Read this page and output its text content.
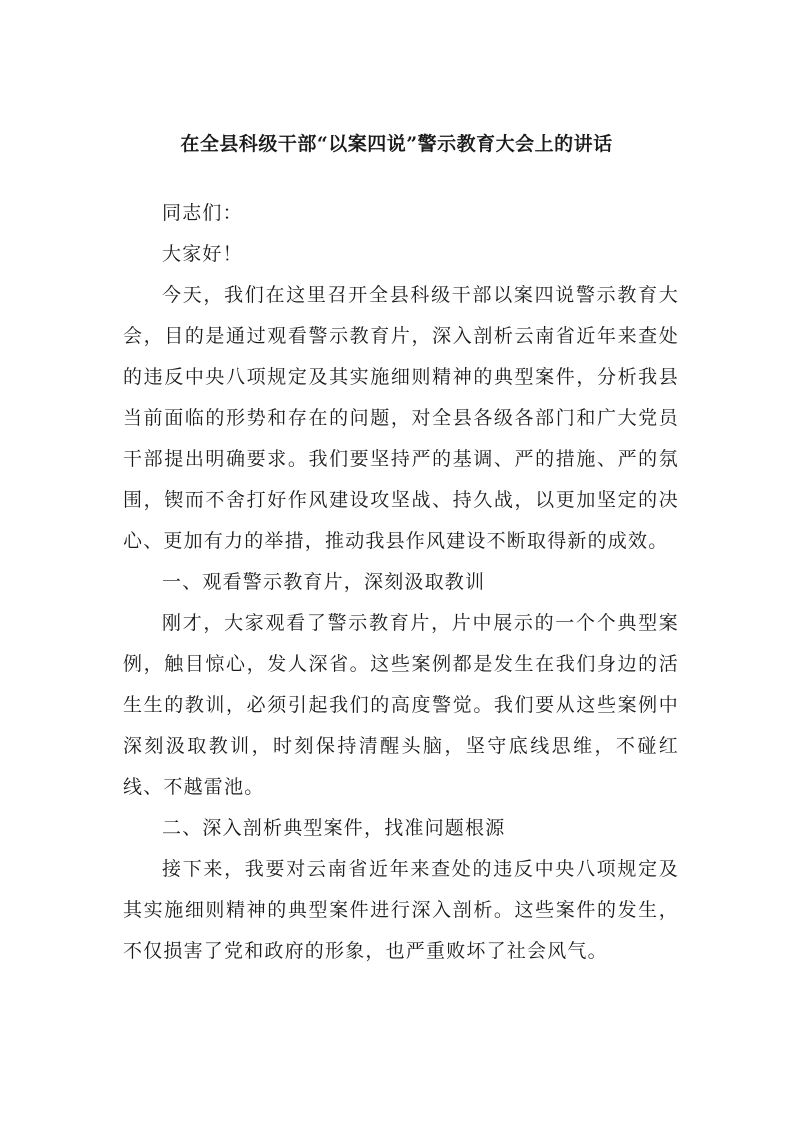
在全县科级干部“以案四说”警示教育大会上的讲话

同志们：

大家好！

今天，我们在这里召开全县科级干部以案四说警示教育大会，目的是通过观看警示教育片，深入剖析云南省近年来查处的违反中央八项规定及其实施细则精神的典型案件，分析我县当前面临的形势和存在的问题，对全县各级各部门和广大党员干部提出明确要求。我们要坚持严的基调、严的措施、严的氛围，锲而不舍打好作风建设攻坚战、持久战，以更加坚定的决心、更加有力的举措，推动我县作风建设不断取得新的成效。

一、观看警示教育片，深刻汲取教训

刚才，大家观看了警示教育片，片中展示的一个个典型案例，触目惊心，发人深省。这些案例都是发生在我们身边的活生生的教训，必须引起我们的高度警觉。我们要从这些案例中深刻汲取教训，时刻保持清醒头脑，坚守底线思维，不碰红线、不越雷池。

二、深入剖析典型案件，找准问题根源

接下来，我要对云南省近年来查处的违反中央八项规定及其实施细则精神的典型案件进行深入剖析。这些案件的发生，不仅损害了党和政府的形象，也严重败坏了社会风气。
